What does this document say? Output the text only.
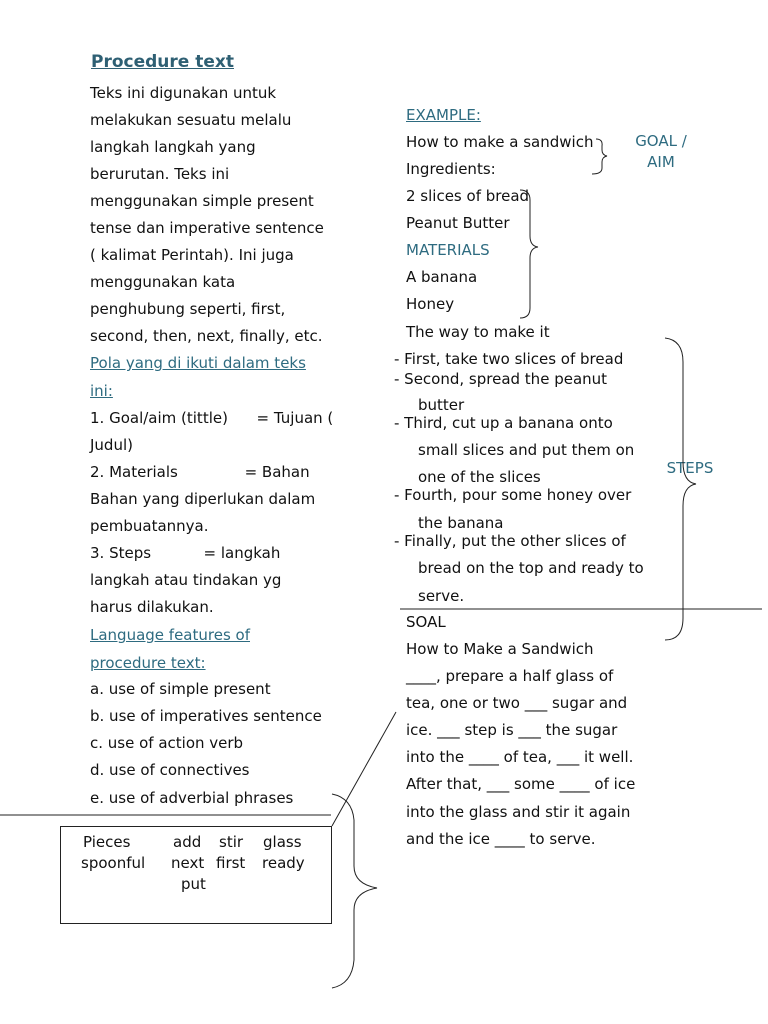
Procedure text
Teks ini digunakan untuk
melakukan sesuatu melalu
langkah langkah yang
berurutan. Teks ini
menggunakan simple present
tense dan imperative sentence
( kalimat Perintah). Ini juga
menggunakan kata
penghubung seperti, first,
second, then, next, finally, etc.
Pola yang di ikuti dalam teks
ini:
1. Goal/aim (tittle)      = Tujuan (
Judul)
2. Materials              = Bahan
Bahan yang diperlukan dalam
pembuatannya.
3. Steps           = langkah
langkah atau tindakan yg
harus dilakukan.
Language features of
procedure text:
a. use of simple present
b. use of imperatives sentence
c. use of action verb
d. use of connectives
e. use of adverbial phrases
Pieces	add stir glass
spoonful next first ready
put
EXAMPLE:
How to make a sandwich
Ingredients:
2 slices of bread
Peanut Butter
MATERIALS
A banana
Honey
The way to make it
GOAL /
AIM
- First, take two slices of bread
- Second, spread the peanut
butter
- Third, cut up a banana onto
small slices and put them on
one of the slices
- Fourth, pour some honey over
the banana
- Finally, put the other slices of
bread on the top and ready to
serve.
STEPS
SOAL
How to Make a Sandwich
____, prepare a half glass of
tea, one or two ___ sugar and
ice. ___ step is ___ the sugar
into the ____ of tea, ___ it well.
After that, ___ some ____ of ice
into the glass and stir it again
and the ice ____ to serve.
